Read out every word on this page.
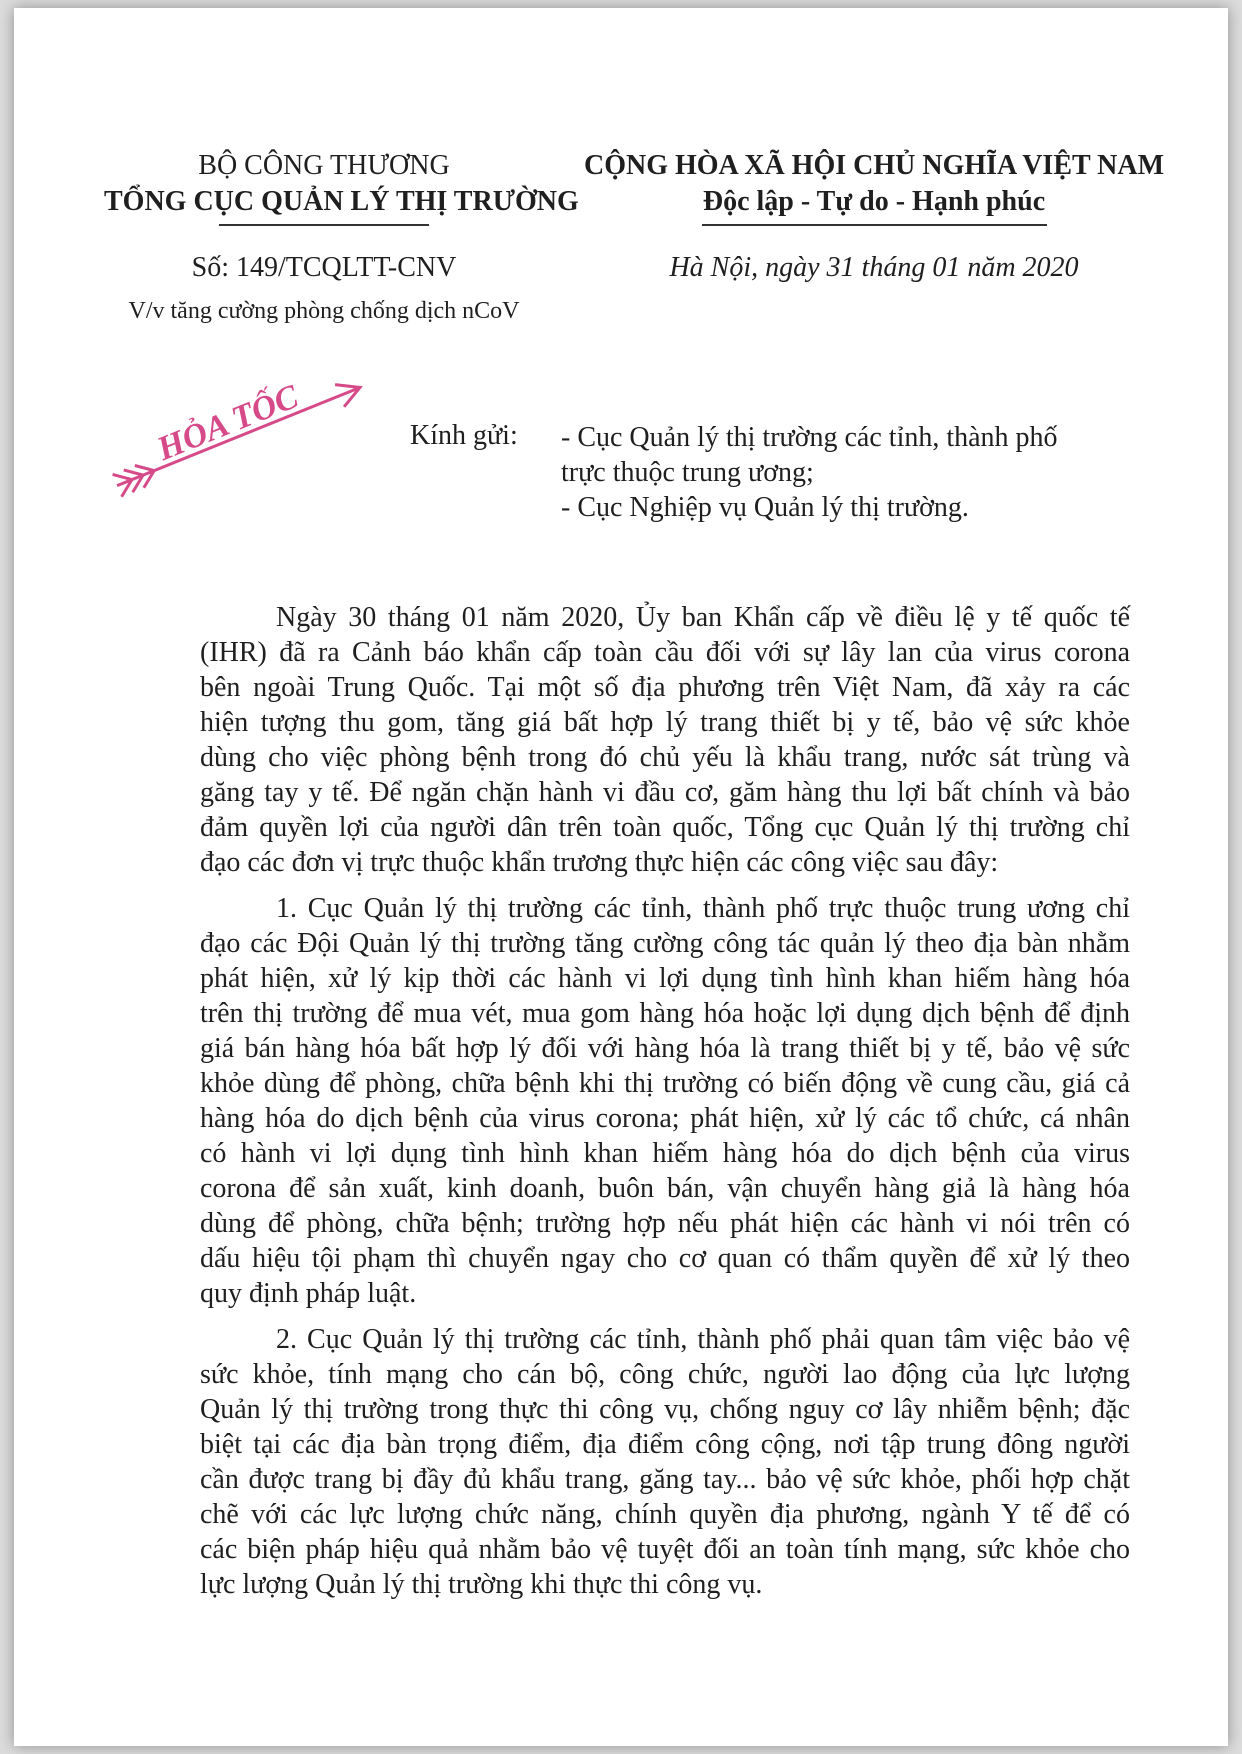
BỘ CÔNG THƯƠNG
TỔNG CỤC QUẢN LÝ THỊ TRƯỜNG
CỘNG HÒA XÃ HỘI CHỦ NGHĨA VIỆT NAM
Độc lập - Tự do - Hạnh phúc
Số: 149/TCQLTT-CNV
V/v tăng cường phòng chống dịch nCoV
Hà Nội, ngày 31 tháng 01 năm 2020
HỎA TỐC	Kính gửi: - Cục Quản lý thị trường các tỉnh, thành phố
trực thuộc trung ương;
- Cục Nghiệp vụ Quản lý thị trường.
Ngày 30 tháng 01 năm 2020, Ủy ban Khẩn cấp về điều lệ y tế quốc tế
(IHR) đã ra Cảnh báo khẩn cấp toàn cầu đối với sự lây lan của virus corona
bên ngoài Trung Quốc. Tại một số địa phương trên Việt Nam, đã xảy ra các
hiện tượng thu gom, tăng giá bất hợp lý trang thiết bị y tế, bảo vệ sức khỏe
dùng cho việc phòng bệnh trong đó chủ yếu là khẩu trang, nước sát trùng và
găng tay y tế. Để ngăn chặn hành vi đầu cơ, găm hàng thu lợi bất chính và bảo
đảm quyền lợi của người dân trên toàn quốc, Tổng cục Quản lý thị trường chỉ
đạo các đơn vị trực thuộc khẩn trương thực hiện các công việc sau đây:
1. Cục Quản lý thị trường các tỉnh, thành phố trực thuộc trung ương chỉ
đạo các Đội Quản lý thị trường tăng cường công tác quản lý theo địa bàn nhằm
phát hiện, xử lý kịp thời các hành vi lợi dụng tình hình khan hiếm hàng hóa
trên thị trường để mua vét, mua gom hàng hóa hoặc lợi dụng dịch bệnh để định
giá bán hàng hóa bất hợp lý đối với hàng hóa là trang thiết bị y tế, bảo vệ sức
khỏe dùng để phòng, chữa bệnh khi thị trường có biến động về cung cầu, giá cả
hàng hóa do dịch bệnh của virus corona; phát hiện, xử lý các tổ chức, cá nhân
có hành vi lợi dụng tình hình khan hiếm hàng hóa do dịch bệnh của virus
corona để sản xuất, kinh doanh, buôn bán, vận chuyển hàng giả là hàng hóa
dùng để phòng, chữa bệnh; trường hợp nếu phát hiện các hành vi nói trên có
dấu hiệu tội phạm thì chuyển ngay cho cơ quan có thẩm quyền để xử lý theo
quy định pháp luật.
2. Cục Quản lý thị trường các tỉnh, thành phố phải quan tâm việc bảo vệ
sức khỏe, tính mạng cho cán bộ, công chức, người lao động của lực lượng
Quản lý thị trường trong thực thi công vụ, chống nguy cơ lây nhiễm bệnh; đặc
biệt tại các địa bàn trọng điểm, địa điểm công cộng, nơi tập trung đông người
cần được trang bị đầy đủ khẩu trang, găng tay... bảo vệ sức khỏe, phối hợp chặt
chẽ với các lực lượng chức năng, chính quyền địa phương, ngành Y tế để có
các biện pháp hiệu quả nhằm bảo vệ tuyệt đối an toàn tính mạng, sức khỏe cho
lực lượng Quản lý thị trường khi thực thi công vụ.
